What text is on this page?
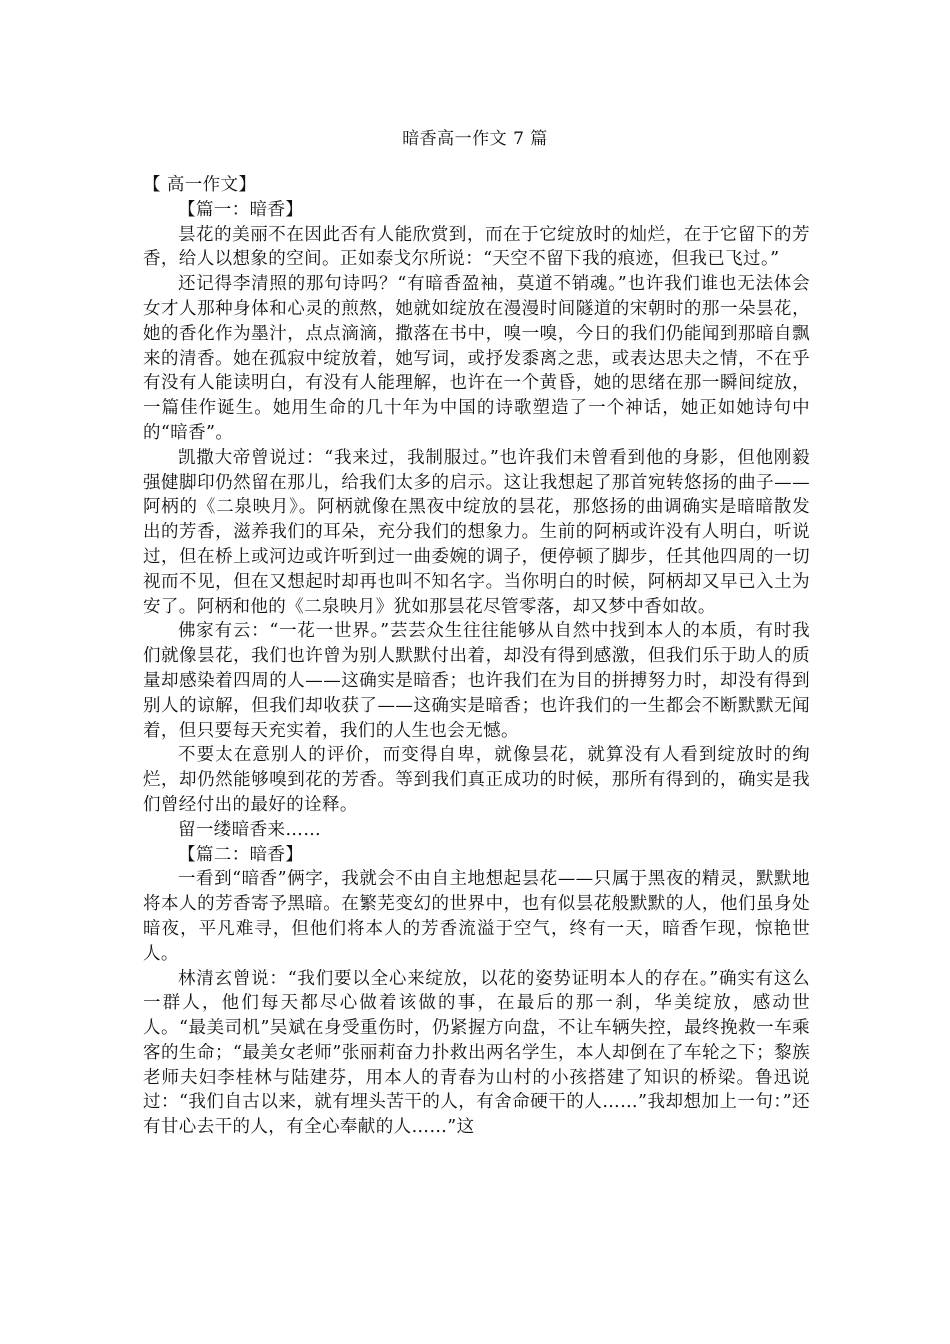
暗香高一作文 7 篇

【 高一作文】

【篇一：暗香】

昙花的美丽不在因此否有人能欣赏到，而在于它绽放时的灿烂，在于它留下的芳香，给人以想象的空间。正如泰戈尔所说：“天空不留下我的痕迹，但我已飞过。”

还记得李清照的那句诗吗？“有暗香盈袖，莫道不销魂。”也许我们谁也无法体会女才人那种身体和心灵的煎熬，她就如绽放在漫漫时间隧道的宋朝时的那一朵昙花，她的香化作为墨汁，点点滴滴，撒落在书中，嗅一嗅，今日的我们仍能闻到那暗自飘来的清香。她在孤寂中绽放着，她写词，或抒发黍离之悲，或表达思夫之情，不在乎有没有人能读明白，有没有人能理解，也许在一个黄昏，她的思绪在那一瞬间绽放，一篇佳作诞生。她用生命的几十年为中国的诗歌塑造了一个神话，她正如她诗句中的“暗香”。

凯撒大帝曾说过：“我来过，我制服过。”也许我们未曾看到他的身影，但他刚毅强健脚印仍然留在那儿，给我们太多的启示。这让我想起了那首宛转悠扬的曲子——阿柄的《二泉映月》。阿柄就像在黑夜中绽放的昙花，那悠扬的曲调确实是暗暗散发出的芳香，滋养我们的耳朵，充分我们的想象力。生前的阿柄或许没有人明白，听说过，但在桥上或河边或许听到过一曲委婉的调子，便停顿了脚步，任其他四周的一切视而不见，但在又想起时却再也叫不知名字。当你明白的时候，阿柄却又早已入土为安了。阿柄和他的《二泉映月》犹如那昙花尽管零落，却又梦中香如故。

佛家有云：“一花一世界。”芸芸众生往往能够从自然中找到本人的本质，有时我们就像昙花，我们也许曾为别人默默付出着，却没有得到感激，但我们乐于助人的质量却感染着四周的人——这确实是暗香；也许我们在为目的拼搏努力时，却没有得到别人的谅解，但我们却收获了——这确实是暗香；也许我们的一生都会不断默默无闻着，但只要每天充实着，我们的人生也会无憾。

不要太在意别人的评价，而变得自卑，就像昙花，就算没有人看到绽放时的绚烂，却仍然能够嗅到花的芳香。等到我们真正成功的时候，那所有得到的，确实是我们曾经付出的最好的诠释。

留一缕暗香来……

【篇二：暗香】

一看到“暗香”俩字，我就会不由自主地想起昙花——只属于黑夜的精灵，默默地将本人的芳香寄予黑暗。在繁芜变幻的世界中，也有似昙花般默默的人，他们虽身处暗夜，平凡难寻，但他们将本人的芳香流溢于空气，终有一天，暗香乍现，惊艳世人。

林清玄曾说：“我们要以全心来绽放，以花的姿势证明本人的存在。”确实有这么一群人，他们每天都尽心做着该做的事，在最后的那一刹，华美绽放，感动世人。“最美司机”吴斌在身受重伤时，仍紧握方向盘，不让车辆失控，最终挽救一车乘客的生命；“最美女老师”张丽莉奋力扑救出两名学生，本人却倒在了车轮之下；黎族老师夫妇李桂林与陆建芬，用本人的青春为山村的小孩搭建了知识的桥梁。鲁迅说过：“我们自古以来，就有埋头苦干的人，有舍命硬干的人……”我却想加上一句：”还有甘心去干的人，有全心奉献的人……”这
